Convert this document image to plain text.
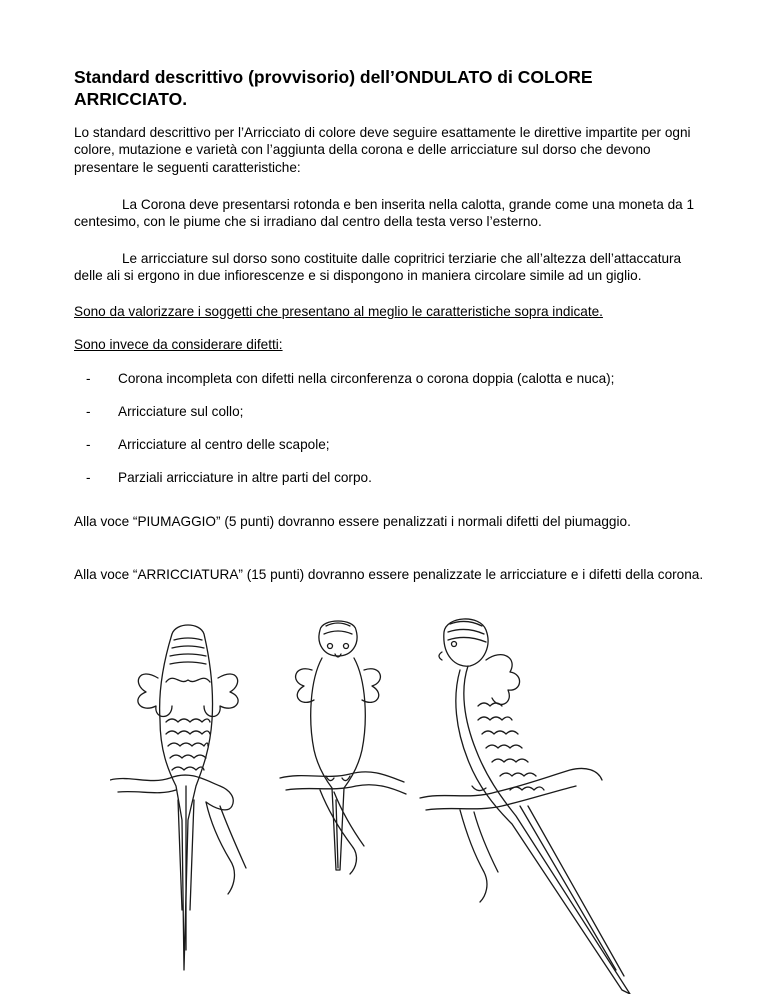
Standard descrittivo (provvisorio) dell’ONDULATO di COLORE ARRICCIATO.

Lo standard descrittivo per l’Arricciato di colore deve seguire esattamente le direttive impartite per ogni colore, mutazione e varietà con l’aggiunta della corona e delle arricciature sul dorso che devono presentare le seguenti caratteristiche:

La Corona deve presentarsi rotonda e ben inserita nella calotta, grande come una moneta da 1 centesimo, con le piume che si irradiano dal centro della testa verso l’esterno.

Le arricciature sul dorso sono costituite dalle copritrici terziarie che all’altezza dell’attaccatura delle ali si ergono in due infiorescenze e si dispongono in maniera circolare simile ad un giglio.

Sono da valorizzare i soggetti che presentano al meglio le caratteristiche sopra indicate.

Sono invece da considerare difetti:

- Corona incompleta con difetti nella circonferenza o corona doppia (calotta e nuca);

- Arricciature sul collo;

- Arricciature al centro delle scapole;

- Parziali arricciature in altre parti del corpo.

Alla voce “PIUMAGGIO” (5 punti) dovranno essere penalizzati i normali difetti del piumaggio.

Alla voce “ARRICCIATURA” (15 punti) dovranno essere penalizzate le arricciature e i difetti della corona.
